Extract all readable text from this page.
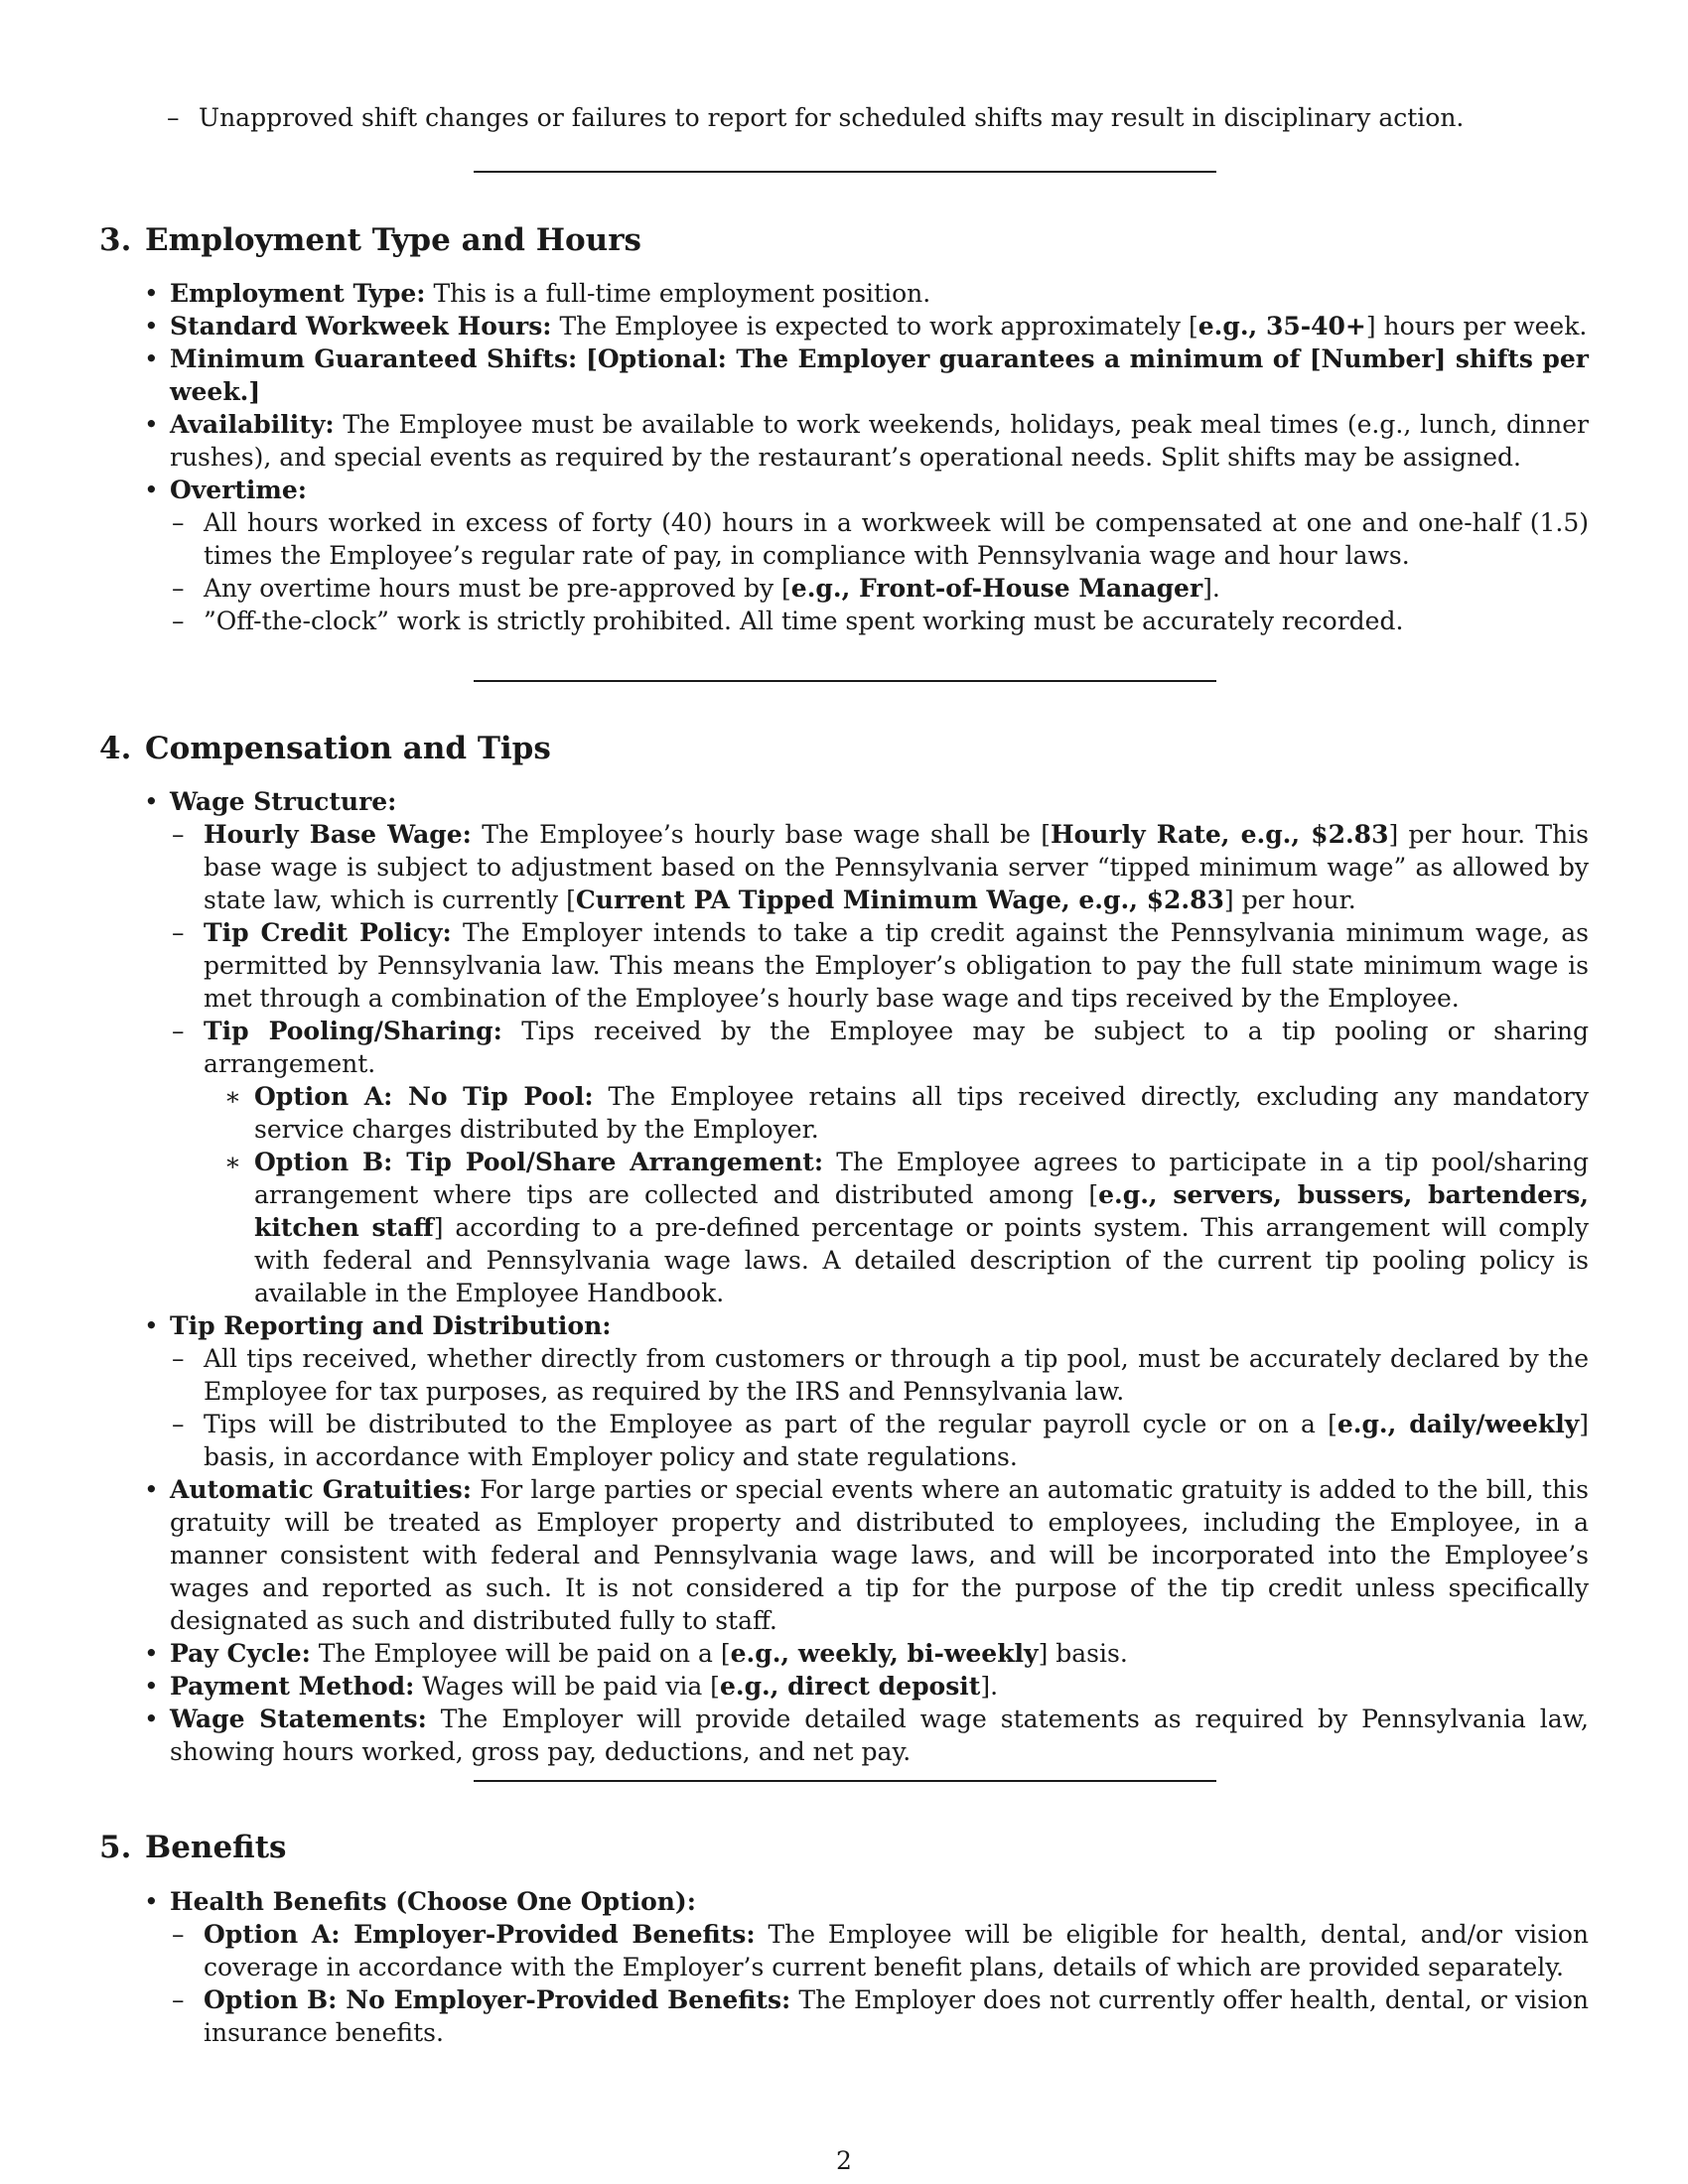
– Unapproved shift changes or failures to report for scheduled shifts may result in disciplinary action.
3. Employment Type and Hours
• Employment Type: This is a full-time employment position.
• Standard Workweek Hours: The Employee is expected to work approximately [e.g., 35-40+] hours per week.
• Minimum Guaranteed Shifts: [Optional: The Employer guarantees a minimum of [Number] shifts per week.]
• Availability: The Employee must be available to work weekends, holidays, peak meal times (e.g., lunch, dinner rushes), and special events as required by the restaurant’s operational needs. Split shifts may be assigned.
• Overtime:
– All hours worked in excess of forty (40) hours in a workweek will be compensated at one and one-half (1.5) times the Employee’s regular rate of pay, in compliance with Pennsylvania wage and hour laws.
– Any overtime hours must be pre-approved by [e.g., Front-of-House Manager].
– ”Off-the-clock” work is strictly prohibited. All time spent working must be accurately recorded.
4. Compensation and Tips
• Wage Structure:
– Hourly Base Wage: The Employee’s hourly base wage shall be [Hourly Rate, e.g., $2.83] per hour. This base wage is subject to adjustment based on the Pennsylvania server “tipped minimum wage” as allowed by state law, which is currently [Current PA Tipped Minimum Wage, e.g., $2.83] per hour.
– Tip Credit Policy: The Employer intends to take a tip credit against the Pennsylvania minimum wage, as permitted by Pennsylvania law. This means the Employer’s obligation to pay the full state minimum wage is met through a combination of the Employee’s hourly base wage and tips received by the Employee.
– Tip Pooling/Sharing: Tips received by the Employee may be subject to a tip pooling or sharing arrangement.
∗ Option A: No Tip Pool: The Employee retains all tips received directly, excluding any mandatory service charges distributed by the Employer.
∗ Option B: Tip Pool/Share Arrangement: The Employee agrees to participate in a tip pool/sharing arrangement where tips are collected and distributed among [e.g., servers, bussers, bartenders, kitchen staff] according to a pre-defined percentage or points system. This arrangement will comply with federal and Pennsylvania wage laws. A detailed description of the current tip pooling policy is available in the Employee Handbook.
• Tip Reporting and Distribution:
– All tips received, whether directly from customers or through a tip pool, must be accurately declared by the Employee for tax purposes, as required by the IRS and Pennsylvania law.
– Tips will be distributed to the Employee as part of the regular payroll cycle or on a [e.g., daily/weekly] basis, in accordance with Employer policy and state regulations.
• Automatic Gratuities: For large parties or special events where an automatic gratuity is added to the bill, this gratuity will be treated as Employer property and distributed to employees, including the Employee, in a manner consistent with federal and Pennsylvania wage laws, and will be incorporated into the Employee’s wages and reported as such. It is not considered a tip for the purpose of the tip credit unless specifically designated as such and distributed fully to staff.
• Pay Cycle: The Employee will be paid on a [e.g., weekly, bi-weekly] basis.
• Payment Method: Wages will be paid via [e.g., direct deposit].
• Wage Statements: The Employer will provide detailed wage statements as required by Pennsylvania law, showing hours worked, gross pay, deductions, and net pay.
5. Benefits
• Health Benefits (Choose One Option):
– Option A: Employer-Provided Benefits: The Employee will be eligible for health, dental, and/or vision coverage in accordance with the Employer’s current benefit plans, details of which are provided separately.
– Option B: No Employer-Provided Benefits: The Employer does not currently offer health, dental, or vision insurance benefits.
2
